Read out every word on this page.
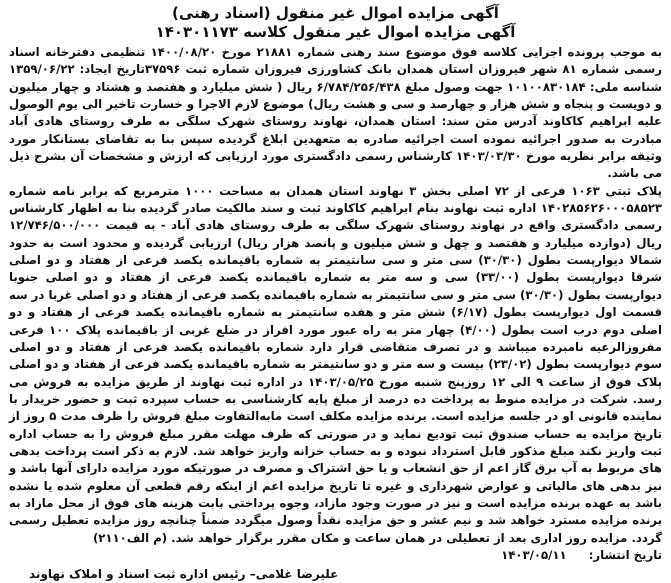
آگهی مزایده اموال غیر منقول (اسناد رهنی)
آگهی مزایده اموال غیر منقول کلاسه ۱۴۰۳۰۱۱۷۳

به موجب پرونده اجرایی کلاسه فوق موضوع سند رهنی شماره ۲۱۸۸۱ مورخ ۱۴۰۰/۰۸/۲۰ تنظیمی دفترخانه اسناد رسمی شماره ۸۱ شهر فیروزان استان همدان بانک کشاورزی فیروزان شماره ثبت ۳۷۵۹۶تاریخ ایجاد: ۱۳۵۹/۰۶/۲۲ شناسه ملی: ۱۰۱۰۰۸۳۰۱۸۴ جهت وصول مبلغ ۶/۷۸۴/۲۵۶/۴۳۸ ریال ( شش میلیارد و هفتصد و هشتاد و چهار میلیون و دویست و پنجاه و شش هزار و چهارصد و سی و هشت ریال) موضوع لازم الاجرا و خسارت تاخیر الی یوم الوصول علیه ابراهیم کاکاوند آدرس متن سند: استان همدان، نهاوند روستای شهرک سلگی به طرف روستای هادی آباد مبادرت به صدور اجرائیه نموده است اجرائیه صادره به متعهدین ابلاغ گردیده سپس بنا به تقاضای بستانکار مورد وثیقه برابر نظریه مورخ ۱۴۰۳/۰۳/۳۰ کارشناس رسمی دادگستری مورد ارزیابی که ارزش و مشخصات آن بشرح ذیل می باشد.

پلاک ثبتی ۱۰۶۳ فرعی از ۷۲ اصلی بخش ۳ نهاوند استان همدان به مساحت ۱۰۰۰ مترمربع که برابر نامه شماره ۱۴۰۲۸۵۶۲۶۰۰۰۵۸۵۲۳ اداره ثبت نهاوند بنام ابراهیم کاکاوند ثبت و سند مالکیت صادر گردیده بنا به اظهار کارشناس رسمی دادگستری واقع در نهاوند روستای شهرک سلگی به طرف روستای هادی آباد - به قیمت ۱۲/۷۴۶/۵۰۰/۰۰۰ ریال (دوازده میلیارد و هفتصد و چهل و شش میلیون و پانصد هزار ریال) ارزیابی گردیده و محدود است به حدود شمالا دیوارپست بطول (۳۰/۳۰) سی متر و سی سانتیمتر به شماره باقیمانده یکصد فرعی از هفتاد و دو اصلی شرقا دیوارپست بطول (۳۳/۰۰) سی و سه متر به شماره باقیمانده یکصد فرعی از هفتاد و دو اصلی جنوبا دیوارپست بطول (۳۰/۳۰) سی متر و سی سانتیمتر به شماره باقیمانده یکصد فرعی از هفتاد و دو اصلی غربا در سه قسمت اول دیوارپست بطول (۶/۱۷) شش متر و هفده سانتیمتر به شماره باقیمانده یکصد فرعی از هفتاد و دو اصلی دوم درب است بطول (۴/۰۰) چهار متر به راه عبور مورد افراز در ضلع غربی از باقیمانده پلاک ۱۰۰ فرعی مفروزالرعیه نامبرده میباشد و در تصرف متقاضی قرار دارد شماره باقیمانده یکصد فرعی از هفتاد و دو اصلی سوم دیوارپست بطول (۲۳/۰۲) بیست و سه متر و دو سانتیمتر به شماره باقیمانده یکصد فرعی از هفتاد و دو اصلی پلاک فوق از ساعت ۹ الی ۱۲ روزپنج شنبه مورخ ۱۴۰۳/۰۵/۲۵ در اداره ثبت نهاوند از طریق مزایده به فروش می رسد. شرکت در مزایده منوط به پرداخت ده درصد از مبلغ پایه کارشناسی به حساب سپرده ثبت و حضور خریدار با نماینده قانونی او در جلسه مزایده است. برنده مزایده مکلف است مابه‌التفاوت مبلغ فروش را ظرف مدت ۵ روز از تاریخ مزایده به حساب صندوق ثبت تودیع نماید و در صورتی که ظرف مهلت مقرر مبلغ فروش را به حساب اداره ثبت واریز نکند مبلغ مذکور قابل استرداد نبوده و به حساب خزانه واریز خواهد شد. لازم به ذکر است پرداخت بدهی های مربوط به آب برق گاز اعم از حق انشعاب و یا حق اشتراک و مصرف در صورتیکه مورد مزایده دارای آنها باشد و نیز بدهی های مالیاتی و عوارض شهرداری و غیره تا تاریخ مزایده اعم از اینکه رقم قطعی آن معلوم شده یا نشده باشد به عهده برنده مزایده است و نیز در صورت وجود مازاد، وجوه پرداختی بابت هزینه های فوق از محل مازاد به برنده مزایده مسترد خواهد شد و نیم عشر و حق مزایده نقداً وصول میگردد ضمناً چنانچه روز مزایده تعطیل رسمی گردد. مزایده روز اداری بعد از تعطیلی در همان ساعت و مکان مقرر برگزار خواهد شد. (م الف۲۱۱۰)

تاریخ انتشار: ۱۴۰۳/۰۵/۱۱

علیرضا غلامی– رئیس اداره ثبت اسناد و املاک نهاوند
